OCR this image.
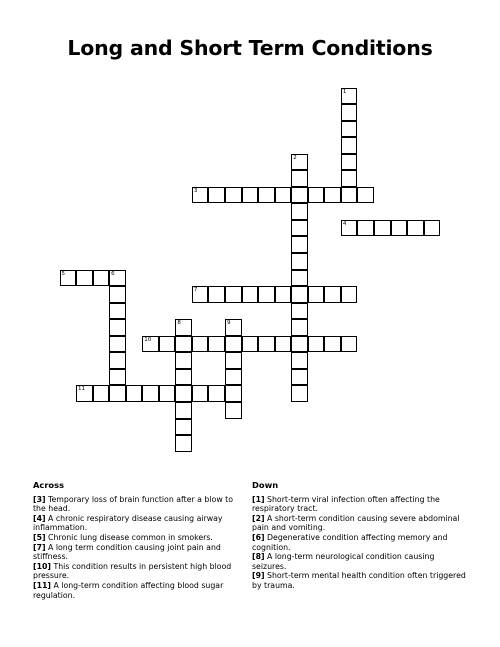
Long and Short Term Conditions
1
2
3
4
5	6
7
8	9
10
11
Across

[3] Temporary loss of brain function after a blow to the head.

[4] A chronic respiratory disease causing airway inflammation.

[5] Chronic lung disease common in smokers.

[7] A long term condition causing joint pain and stiffness.

[10] This condition results in persistent high blood pressure.

[11] A long-term condition affecting blood sugar regulation.

Down

[1] Short-term viral infection often affecting the respiratory tract.

[2] A short-term condition causing severe abdominal pain and vomiting.

[6] Degenerative condition affecting memory and cognition.

[8] A long-term neurological condition causing seizures.

[9] Short-term mental health condition often triggered by trauma.
